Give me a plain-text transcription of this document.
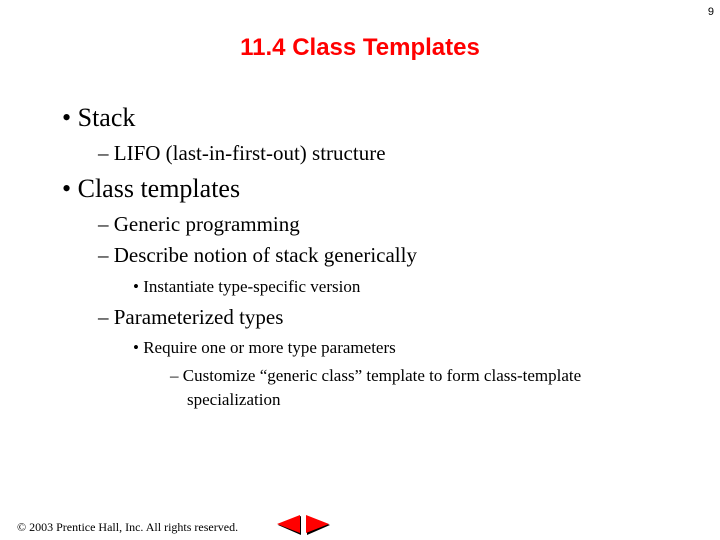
9
11.4 Class Templates
• Stack
– LIFO (last-in-first-out) structure
• Class templates
– Generic programming
– Describe notion of stack generically
• Instantiate type-specific version
– Parameterized types
• Require one or more type parameters
– Customize “generic class” template to form class-template
specialization
© 2003 Prentice Hall, Inc. All rights reserved.
